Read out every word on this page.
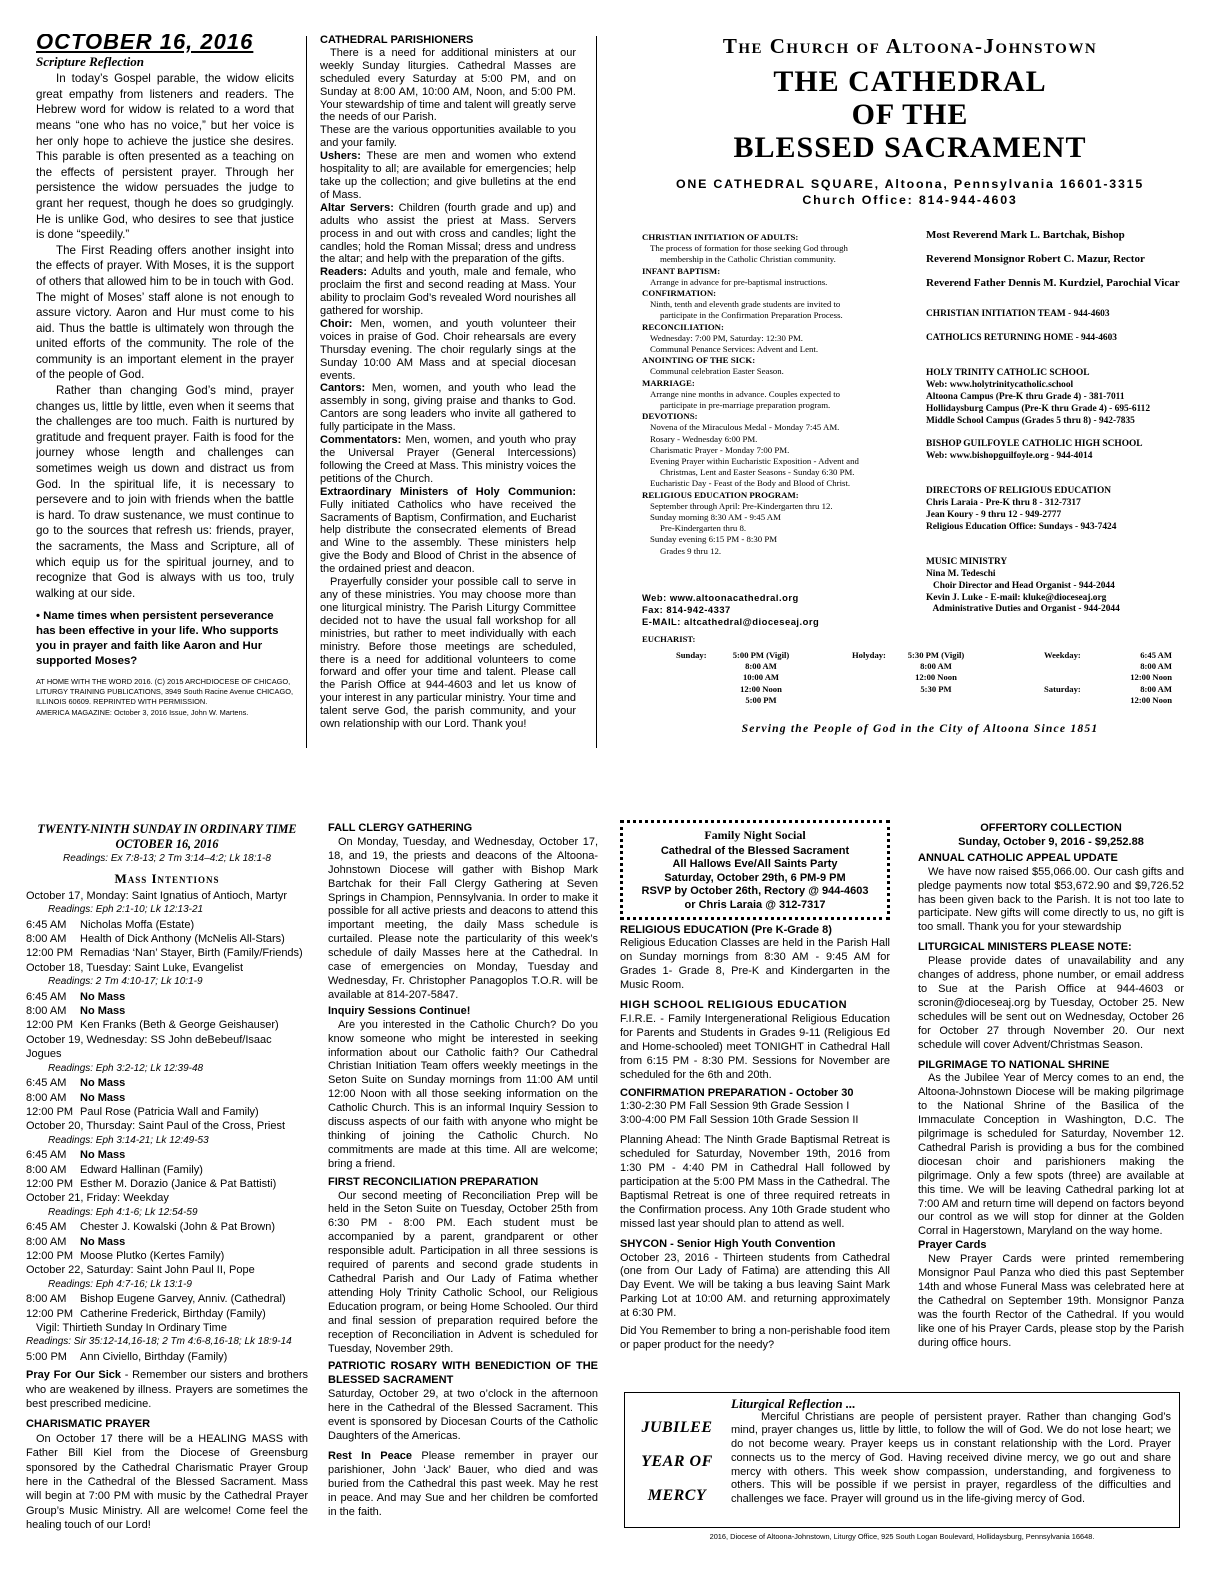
OCTOBER 16, 2016
Scripture Reflection

In today’s Gospel parable, the widow elicits great empathy from listeners and readers. The Hebrew word for widow is related to a word that means “one who has no voice,” but her voice is her only hope to achieve the justice she desires. This parable is often presented as a teaching on the effects of persistent prayer. Through her persistence the widow persuades the judge to grant her request, though he does so grudgingly. He is unlike God, who desires to see that justice is done “speedily.”

The First Reading offers another insight into the effects of prayer. With Moses, it is the support of others that allowed him to be in touch with God. The might of Moses’ staff alone is not enough to assure victory. Aaron and Hur must come to his aid. Thus the battle is ultimately won through the united efforts of the community. The role of the community is an important element in the prayer of the people of God.

Rather than changing God’s mind, prayer changes us, little by little, even when it seems that the challenges are too much. Faith is nurtured by gratitude and frequent prayer. Faith is food for the journey whose length and challenges can sometimes weigh us down and distract us from God. In the spiritual life, it is necessary to persevere and to join with friends when the battle is hard. To draw sustenance, we must continue to go to the sources that refresh us: friends, prayer, the sacraments, the Mass and Scripture, all of which equip us for the spiritual journey, and to recognize that God is always with us too, truly walking at our side.

• Name times when persistent perseverance has been effective in your life. Who supports you in prayer and faith like Aaron and Hur supported Moses?

AT HOME WITH THE WORD 2016. (C) 2015 ARCHDIOCESE OF CHICAGO, LITURGY TRAINING PUBLICATIONS, 3949 South Racine Avenue CHICAGO, ILLINOIS 60609. REPRINTED WITH PERMISSION.

AMERICA MAGAZINE: October 3, 2016 Issue, John W. Martens.

CATHEDRAL PARISHIONERS

There is a need for additional ministers at our weekly Sunday liturgies. Cathedral Masses are scheduled every Saturday at 5:00 PM, and on Sunday at 8:00 AM, 10:00 AM, Noon, and 5:00 PM. Your stewardship of time and talent will greatly serve the needs of our Parish.

These are the various opportunities available to you and your family.

Ushers: These are men and women who extend hospitality to all; are available for emergencies; help take up the collection; and give bulletins at the end of Mass.

Altar Servers: Children (fourth grade and up) and adults who assist the priest at Mass. Servers process in and out with cross and candles; light the candles; hold the Roman Missal; dress and undress the altar; and help with the preparation of the gifts.

Readers: Adults and youth, male and female, who proclaim the first and second reading at Mass. Your ability to proclaim God’s revealed Word nourishes all gathered for worship.

Choir: Men, women, and youth volunteer their voices in praise of God. Choir rehearsals are every Thursday evening. The choir regularly sings at the Sunday 10:00 AM Mass and at special diocesan events.

Cantors: Men, women, and youth who lead the assembly in song, giving praise and thanks to God. Cantors are song leaders who invite all gathered to fully participate in the Mass.

Commentators: Men, women, and youth who pray the Universal Prayer (General Intercessions) following the Creed at Mass. This ministry voices the petitions of the Church.

Extraordinary Ministers of Holy Communion: Fully initiated Catholics who have received the Sacraments of Baptism, Confirmation, and Eucharist help distribute the consecrated elements of Bread and Wine to the assembly. These ministers help give the Body and Blood of Christ in the absence of the ordained priest and deacon.

Prayerfully consider your possible call to serve in any of these ministries. You may choose more than one liturgical ministry. The Parish Liturgy Committee decided not to have the usual fall workshop for all ministries, but rather to meet individually with each ministry. Before those meetings are scheduled, there is a need for additional volunteers to come forward and offer your time and talent. Please call the Parish Office at 944-4603 and let us know of your interest in any particular ministry. Your time and talent serve God, the parish community, and your own relationship with our Lord. Thank you!

The Church of Altoona-Johnstown
THE CATHEDRAL
OF THE
BLESSED SACRAMENT
ONE CATHEDRAL SQUARE, Altoona, Pennsylvania 16601-3315
Church Office: 814-944-4603
CHRISTIAN INITIATION OF ADULTS:
The process of formation for those seeking God through
membership in the Catholic Christian community.
INFANT BAPTISM:
Arrange in advance for pre-baptismal instructions.
CONFIRMATION:
Ninth, tenth and eleventh grade students are invited to
participate in the Confirmation Preparation Process.
RECONCILIATION:
Wednesday: 7:00 PM, Saturday: 12:30 PM.
Communal Penance Services: Advent and Lent.
ANOINTING OF THE SICK:
Communal celebration Easter Season.
MARRIAGE:
Arrange nine months in advance. Couples expected to
participate in pre-marriage preparation program.
DEVOTIONS:
Novena of the Miraculous Medal - Monday 7:45 AM.
Rosary - Wednesday 6:00 PM.
Charismatic Prayer - Monday 7:00 PM.
Evening Prayer within Eucharistic Exposition - Advent and
Christmas, Lent and Easter Seasons - Sunday 6:30 PM.
Eucharistic Day - Feast of the Body and Blood of Christ.
RELIGIOUS EDUCATION PROGRAM:
September through April: Pre-Kindergarten thru 12.
Sunday morning 8:30 AM - 9:45 AM
Pre-Kindergarten thru 8.
Sunday evening 6:15 PM - 8:30 PM
Grades 9 thru 12.
Most Reverend Mark L. Bartchak, Bishop
Reverend Monsignor Robert C. Mazur, Rector
Reverend Father Dennis M. Kurdziel, Parochial Vicar
CHRISTIAN INITIATION TEAM - 944-4603
CATHOLICS RETURNING HOME - 944-4603
HOLY TRINITY CATHOLIC SCHOOL
Web: www.holytrinitycatholic.school
Altoona Campus (Pre-K thru Grade 4) - 381-7011
Hollidaysburg Campus (Pre-K thru Grade 4) - 695-6112
Middle School Campus (Grades 5 thru 8) - 942-7835
BISHOP GUILFOYLE CATHOLIC HIGH SCHOOL
Web: www.bishopguilfoyle.org - 944-4014
DIRECTORS OF RELIGIOUS EDUCATION
Chris Laraia - Pre-K thru 8 - 312-7317
Jean Koury - 9 thru 12 - 949-2777
Religious Education Office: Sundays - 943-7424
MUSIC MINISTRY
Nina M. Tedeschi
Choir Director and Head Organist - 944-2044
Kevin J. Luke - E-mail: kluke@dioceseaj.org
Administrative Duties and Organist - 944-2044
Web: www.altoonacathedral.org
Fax: 814-942-4337
E-MAIL: altcathedral@dioceseaj.org
EUCHARIST:
Sunday:	5:00 PM (Vigil)
8:00 AM
10:00 AM
12:00 Noon
5:00 PM
Holyday:	5:30 PM (Vigil)
8:00 AM
12:00 Noon
5:30 PM
Weekday:	6:45 AM
8:00 AM
12:00 Noon
Saturday:	8:00 AM
12:00 Noon
Serving the People of God in the City of Altoona Since 1851
TWENTY-NINTH SUNDAY IN ORDINARY TIME
OCTOBER 16, 2016
Readings: Ex 7:8-13; 2 Tm 3:14–4:2; Lk 18:1-8
Mass Intentions
October 17, Monday: Saint Ignatius of Antioch, Martyr
Readings: Eph 2:1-10; Lk 12:13-21
6:45 AM	Nicholas Moffa (Estate)
8:00 AM	Health of Dick Anthony (McNelis All-Stars)
12:00 PM Remadias ‘Nan’ Stayer, Birth (Family/Friends)
October 18, Tuesday: Saint Luke, Evangelist
Readings: 2 Tm 4:10-17; Lk 10:1-9
6:45 AM	No Mass
8:00 AM	No Mass
12:00 PM Ken Franks (Beth & George Geishauser)
October 19, Wednesday: SS John deBebeuf/Isaac Jogues
Readings: Eph 3:2-12; Lk 12:39-48
6:45 AM	No Mass
8:00 AM	No Mass
12:00 PM Paul Rose (Patricia Wall and Family)
October 20, Thursday: Saint Paul of the Cross, Priest
Readings: Eph 3:14-21; Lk 12:49-53
6:45 AM	No Mass
8:00 AM	Edward Hallinan (Family)
12:00 PM Esther M. Dorazio (Janice & Pat Battisti)
October 21, Friday: Weekday
Readings: Eph 4:1-6; Lk 12:54-59
6:45 AM	Chester J. Kowalski (John & Pat Brown)
8:00 AM	No Mass
12:00 PM Moose Plutko (Kertes Family)
October 22, Saturday: Saint John Paul II, Pope
Readings: Eph 4:7-16; Lk 13:1-9
8:00 AM	Bishop Eugene Garvey, Anniv. (Cathedral)
12:00 PM Catherine Frederick, Birthday (Family)
Vigil: Thirtieth Sunday In Ordinary Time
Readings: Sir 35:12-14,16-18; 2 Tm 4:6-8,16-18; Lk 18:9-14
5:00 PM	Ann Civiello, Birthday (Family)

Pray For Our Sick - Remember our sisters and brothers who are weakened by illness. Prayers are sometimes the best prescribed medicine.

CHARISMATIC PRAYER

On October 17 there will be a HEALING MASS with Father Bill Kiel from the Diocese of Greensburg sponsored by the Cathedral Charismatic Prayer Group here in the Cathedral of the Blessed Sacrament. Mass will begin at 7:00 PM with music by the Cathedral Prayer Group’s Music Ministry. All are welcome! Come feel the healing touch of our Lord!

FALL CLERGY GATHERING

On Monday, Tuesday, and Wednesday, October 17, 18, and 19, the priests and deacons of the Altoona-Johnstown Diocese will gather with Bishop Mark Bartchak for their Fall Clergy Gathering at Seven Springs in Champion, Pennsylvania. In order to make it possible for all active priests and deacons to attend this important meeting, the daily Mass schedule is curtailed. Please note the particularity of this week’s schedule of daily Masses here at the Cathedral. In case of emergencies on Monday, Tuesday and Wednesday, Fr. Christopher Panagoplos T.O.R. will be available at 814-207-5847.

Inquiry Sessions Continue!

Are you interested in the Catholic Church? Do you know someone who might be interested in seeking information about our Catholic faith? Our Cathedral Christian Initiation Team offers weekly meetings in the Seton Suite on Sunday mornings from 11:00 AM until 12:00 Noon with all those seeking information on the Catholic Church. This is an informal Inquiry Session to discuss aspects of our faith with anyone who might be thinking of joining the Catholic Church. No commitments are made at this time. All are welcome; bring a friend.

FIRST RECONCILIATION PREPARATION

Our second meeting of Reconciliation Prep will be held in the Seton Suite on Tuesday, October 25th from 6:30 PM - 8:00 PM. Each student must be accompanied by a parent, grandparent or other responsible adult. Participation in all three sessions is required of parents and second grade students in Cathedral Parish and Our Lady of Fatima whether attending Holy Trinity Catholic School, our Religious Education program, or being Home Schooled. Our third and final session of preparation required before the reception of Reconciliation in Advent is scheduled for Tuesday, November 29th.

PATRIOTIC ROSARY WITH BENEDICTION OF THE BLESSED SACRAMENT

Saturday, October 29, at two o’clock in the afternoon here in the Cathedral of the Blessed Sacrament. This event is sponsored by Diocesan Courts of the Catholic Daughters of the Americas.

Rest In Peace Please remember in prayer our parishioner, John ‘Jack’ Bauer, who died and was buried from the Cathedral this past week. May he rest in peace. And may Sue and her children be comforted in the faith.

Family Night Social
Cathedral of the Blessed Sacrament
All Hallows Eve/All Saints Party
Saturday, October 29th, 6 PM-9 PM
RSVP by October 26th, Rectory @ 944-4603
or Chris Laraia @ 312-7317
RELIGIOUS EDUCATION (Pre K-Grade 8)

Religious Education Classes are held in the Parish Hall on Sunday mornings from 8:30 AM - 9:45 AM for Grades 1- Grade 8, Pre-K and Kindergarten in the Music Room.

HIGH SCHOOL RELIGIOUS EDUCATION

F.I.R.E. - Family Intergenerational Religious Education for Parents and Students in Grades 9-11 (Religious Ed and Home-schooled) meet TONIGHT in Cathedral Hall from 6:15 PM - 8:30 PM. Sessions for November are scheduled for the 6th and 20th.

CONFIRMATION PREPARATION - October 30
1:30-2:30 PM Fall Session 9th Grade Session I
3:00-4:00 PM Fall Session 10th Grade Session II

Planning Ahead: The Ninth Grade Baptismal Retreat is scheduled for Saturday, November 19th, 2016 from 1:30 PM - 4:40 PM in Cathedral Hall followed by participation at the 5:00 PM Mass in the Cathedral. The Baptismal Retreat is one of three required retreats in the Confirmation process. Any 10th Grade student who missed last year should plan to attend as well.

SHYCON - Senior High Youth Convention

October 23, 2016 - Thirteen students from Cathedral (one from Our Lady of Fatima) are attending this All Day Event. We will be taking a bus leaving Saint Mark Parking Lot at 10:00 AM. and returning approximately at 6:30 PM.

Did You Remember to bring a non-perishable food item or paper product for the needy?

OFFERTORY COLLECTION
Sunday, October 9, 2016 - $9,252.88
ANNUAL CATHOLIC APPEAL UPDATE

We have now raised $55,066.00. Our cash gifts and pledge payments now total $53,672.90 and $9,726.52 has been given back to the Parish. It is not too late to participate. New gifts will come directly to us, no gift is too small. Thank you for your stewardship

LITURGICAL MINISTERS PLEASE NOTE:

Please provide dates of unavailability and any changes of address, phone number, or email address to Sue at the Parish Office at 944-4603 or scronin@dioceseaj.org by Tuesday, October 25. New schedules will be sent out on Wednesday, October 26 for October 27 through November 20. Our next schedule will cover Advent/Christmas Season.

PILGRIMAGE TO NATIONAL SHRINE

As the Jubilee Year of Mercy comes to an end, the Altoona-Johnstown Diocese will be making pilgrimage to the National Shrine of the Basilica of the Immaculate Conception in Washington, D.C. The pilgrimage is scheduled for Saturday, November 12. Cathedral Parish is providing a bus for the combined diocesan choir and parishioners making the pilgrimage. Only a few spots (three) are available at this time. We will be leaving Cathedral parking lot at 7:00 AM and return time will depend on factors beyond our control as we will stop for dinner at the Golden Corral in Hagerstown, Maryland on the way home.

Prayer Cards

New Prayer Cards were printed remembering Monsignor Paul Panza who died this past September 14th and whose Funeral Mass was celebrated here at the Cathedral on September 19th. Monsignor Panza was the fourth Rector of the Cathedral. If you would like one of his Prayer Cards, please stop by the Parish during office hours.

JUBILEE
YEAR OF
MERCY
Liturgical Reflection ...

Merciful Christians are people of persistent prayer. Rather than changing God’s mind, prayer changes us, little by little, to follow the will of God. We do not lose heart; we do not become weary. Prayer keeps us in constant relationship with the Lord. Prayer connects us to the mercy of God. Having received divine mercy, we go out and share mercy with others. This week show compassion, understanding, and forgiveness to others. This will be possible if we persist in prayer, regardless of the difficulties and challenges we face. Prayer will ground us in the life-giving mercy of God.

2016, Diocese of Altoona-Johnstown, Liturgy Office, 925 South Logan Boulevard, Hollidaysburg, Pennsylvania 16648.
